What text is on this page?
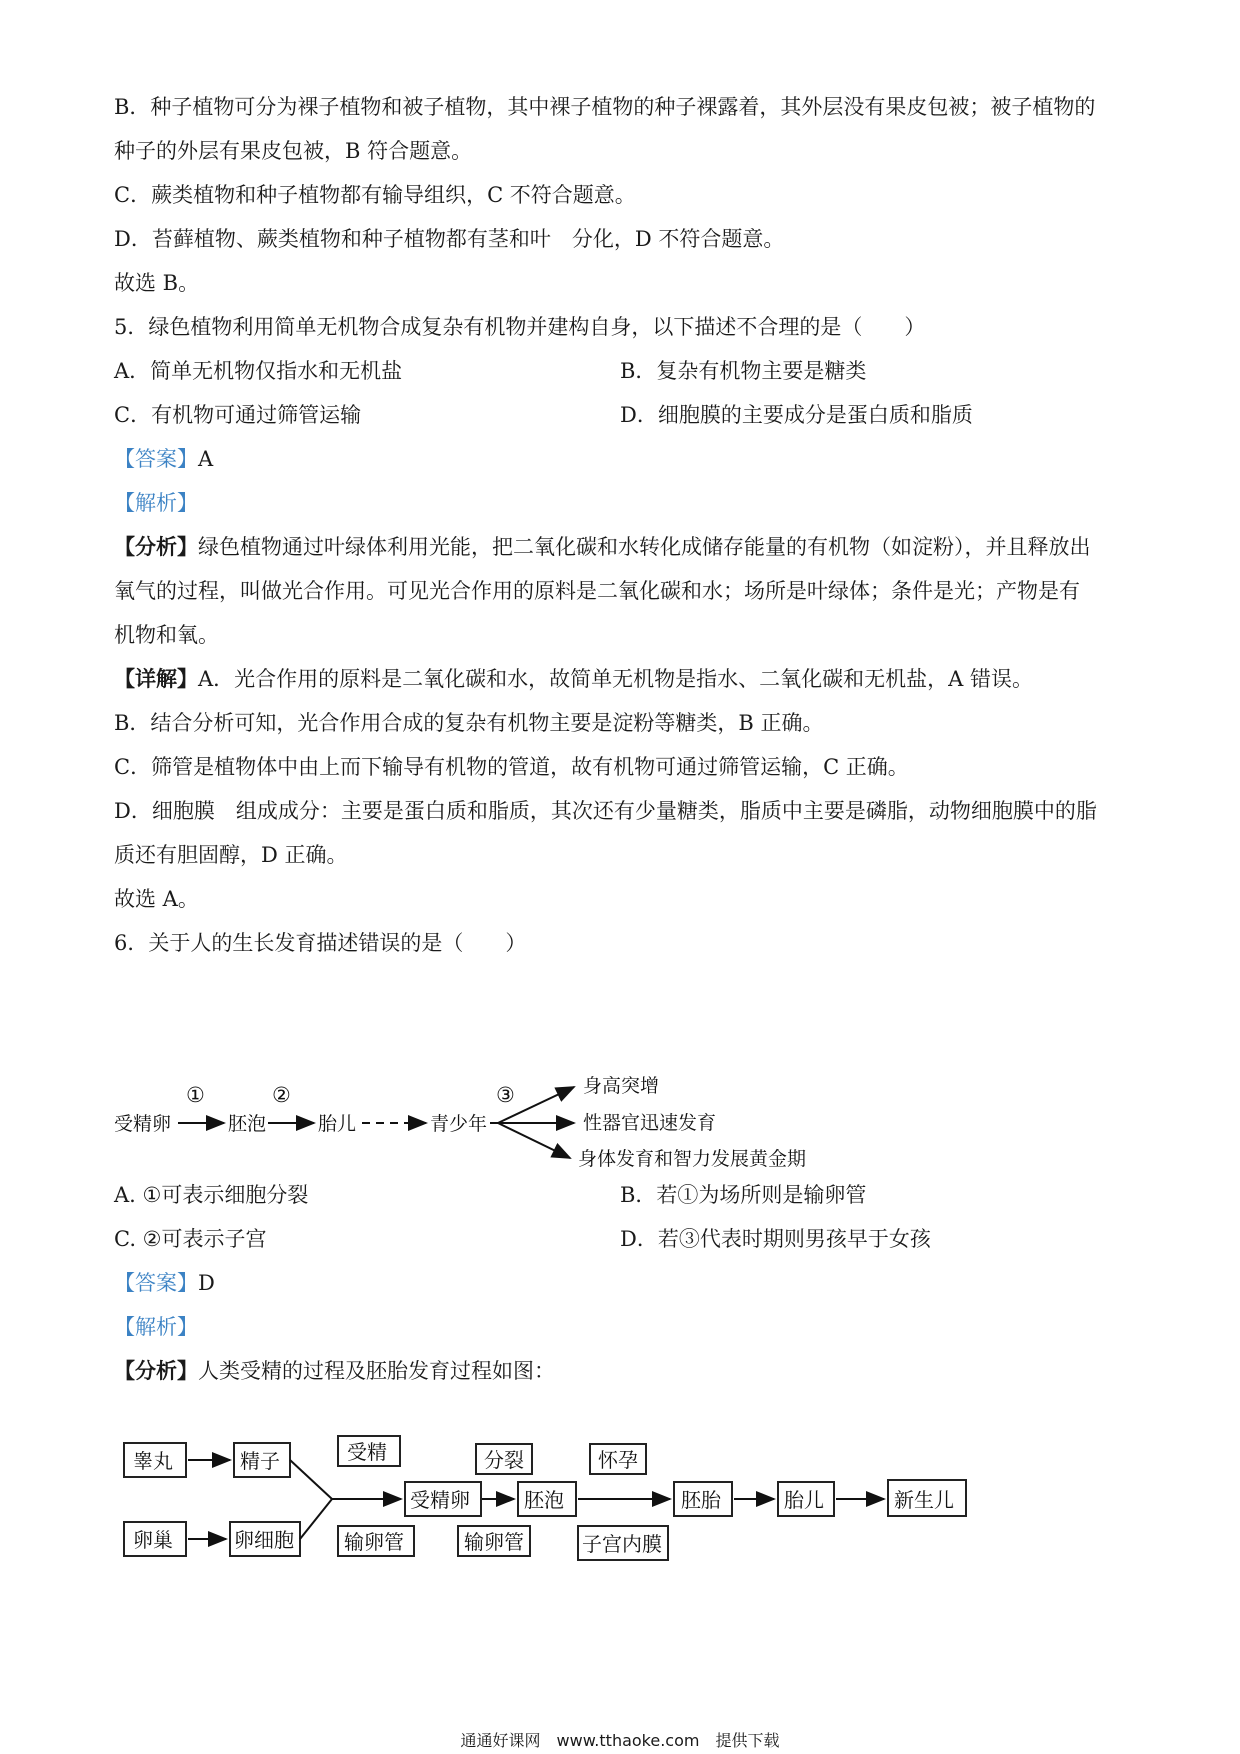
B．种子植物可分为裸子植物和被子植物，其中裸子植物的种子裸露着，其外层没有果皮包被；被子植物的
种子的外层有果皮包被，B 符合题意。
C．蕨类植物和种子植物都有输导组织，C 不符合题意。
D．苔藓植物、蕨类植物和种子植物都有茎和叶　分化，D 不符合题意。
故选 B。
5．绿色植物利用简单无机物合成复杂有机物并建构自身，以下描述不合理的是（　　）
A．简单无机物仅指水和无机盐	B．复杂有机物主要是糖类
C．有机物可通过筛管运输	D．细胞膜的主要成分是蛋白质和脂质
【答案】A
【解析】
【分析】绿色植物通过叶绿体利用光能，把二氧化碳和水转化成储存能量的有机物（如淀粉），并且释放出
氧气的过程，叫做光合作用。可见光合作用的原料是二氧化碳和水；场所是叶绿体；条件是光；产物是有
机物和氧。
【详解】A．光合作用的原料是二氧化碳和水，故简单无机物是指水、二氧化碳和无机盐，A 错误。
B．结合分析可知，光合作用合成的复杂有机物主要是淀粉等糖类，B 正确。
C．筛管是植物体中由上而下输导有机物的管道，故有机物可通过筛管运输，C 正确。
D．细胞膜　组成成分：主要是蛋白质和脂质，其次还有少量糖类，脂质中主要是磷脂，动物细胞膜中的脂
质还有胆固醇，D 正确。
故选 A。
6．关于人的生长发育描述错误的是（　　）
受精卵	胚泡	胎儿	青少年
①	②	③	身高突增
性器官迅速发育
身体发育和智力发展黄金期
A. ①可表示细胞分裂	B．若①为场所则是输卵管
C. ②可表示子宫	D．若③代表时期则男孩早于女孩
【答案】D
【解析】
【分析】人类受精的过程及胚胎发育过程如图：
睾丸	精子
卵巢	卵细胞
受精
受精卵	胚泡
分裂	怀孕
胚胎	胎儿	新生儿
输卵管	输卵管	子宫内膜
通通好课网　www.tthaoke.com　提供下载
